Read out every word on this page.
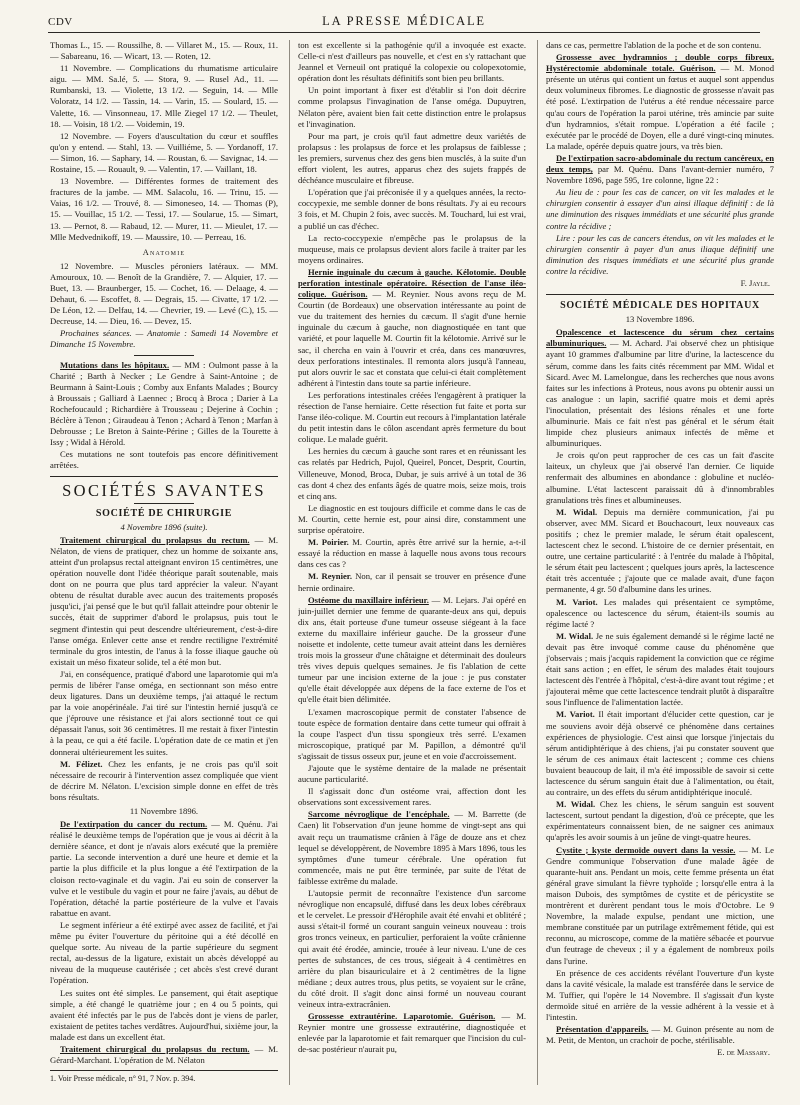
CDV	LA PRESSE MÉDICALE

Thomas L., 15. — Roussilhe, 8. — Villaret M., 15. — Roux, 11. — Sabareanu, 16. — Wicart, 13. — Roten, 12.

11 Novembre. — Complications du rhumatisme articulaire aigu. — MM. Sa.lé, 5. — Stora, 9. — Rusel Ad., 11. — Rumbanski, 13. — Violette, 13 1/2. — Seguin, 14. — Mlle Voloratz, 14 1/2. — Tassin, 14. — Varin, 15. — Soulard, 15. — Valette, 16. — Vinsonneau, 17. Mlle Ziegel 17 1/2. — Theulet, 18. — Voisin, 18 1/2. — Voidemin, 19.

12 Novembre. — Foyers d'auscultation du cœur et souffles qu'on y entend. — Stahl, 13. — Vuilliéme, 5. — Yordanoff, 17. — Simon, 16. — Saphary, 14. — Roustan, 6. — Savignac, 14. — Rostaine, 15. — Rouault, 9. — Valentin, 17. — Vaillant, 18.

13 Novembre. — Différentes formes de traitement des fractures de la jambe. — MM. Salacolu, 16. — Trinu, 15. — Vaias, 16 1/2. — Trouvé, 8. — Simoneseo, 14. — Thomas (P), 15. — Vouillac, 15 1/2. — Tessi, 17. — Soularue, 15. — Simart, 13. — Pernot, 8. — Rabaud, 12. — Murer, 11. — Mieulet, 17. — Mlle Medvednikoff, 19. — Maussire, 10. — Perreau, 16.

Anatomie

12 Novembre. — Muscles péroniers latéraux. — MM. Amouroux, 10. — Benoît de la Grandière, 7. — Alquier, 17. — Buet, 13. — Braunberger, 15. — Cochet, 16. — Delaage, 4. — Dehaut, 6. — Escoffet, 8. — Degrais, 15. — Civatte, 17 1/2. — De Léon, 12. — Delfau, 14. — Chevrier, 19. — Levé (C.), 15. — Decreuse, 14. — Dieu, 16. — Devez, 15.

Prochaines séances. — Anatomie : Samedi 14 Novembre et Dimanche 15 Novembre.

Mutations dans les hôpitaux. — MM : Oulmont passe à la Charité ; Barth à Necker ; Le Gendre à Saint-Antoine ; de Beurmann à Saint-Louis ; Comby aux Enfants Malades ; Bourcy à Broussais ; Galliard à Laennec ; Brocq à Broca ; Darier à La Rochefoucauld ; Richardière à Trousseau ; Dejerine à Cochin ; Béclère à Tenon ; Giraudeau à Tenon ; Achard à Tenon ; Marfan à Debrousse ; Le Breton à Sainte-Périne ; Gilles de la Tourette à Issy ; Widal à Hérold.

Ces mutations ne sont toutefois pas encore définitivement arrêtées.

SOCIÉTÉS SAVANTES
SOCIÉTÉ DE CHIRURGIE
4 Novembre 1896 (suite).

Traitement chirurgical du prolapsus du rectum. — M. Nélaton, de viens de pratiquer, chez un homme de soixante ans, atteint d'un prolapsus rectal atteignant environ 15 centimètres, une opération nouvelle dont l'idée théorique paraît soutenable, mais dont on ne pourra que plus tard apprécier la valeur. N'ayant obtenu de résultat durable avec aucun des traitements proposés jusqu'ici, j'ai pensé que le but qu'il fallait atteindre pour obtenir le succès, était de supprimer d'abord le prolapsus, puis tout le segment d'intestin qui peut descendre ultérieurement, c'est-à-dire l'anse oméga. Enlever cette anse et rendre rectiligne l'extrémité terminale du gros intestin, de l'anus à la fosse iliaque gauche où existait un méso fixateur solide, tel a été mon but.

J'ai, en conséquence, pratiqué d'abord une laparotomie qui m'a permis de libérer l'anse oméga, en sectionnant son méso entre deux ligatures. Dans un deuxième temps, j'ai attaqué le rectum par la voie anopérinéale. J'ai tiré sur l'intestin hernié jusqu'à ce que j'éprouve une résistance et j'ai alors sectionné tout ce qui dépassait l'anus, soit 36 centimètres. Il me restait à fixer l'intestin à la peau, ce qui a été facile. L'opération date de ce matin et j'en donnerai ultérieurement les suites.

M. Félizet. Chez les enfants, je ne crois pas qu'il soit nécessaire de recourir à l'intervention assez compliquée que vient de décrire M. Nélaton. L'excision simple donne en effet de très bons résultats.

11 Novembre 1896.

De l'extirpation du cancer du rectum. — M. Quénu. J'ai réalisé le deuxième temps de l'opération que je vous ai décrit à la dernière séance, et dont je n'avais alors exécuté que la première partie. La seconde intervention a duré une heure et demie et la partie la plus difficile et la plus longue a été l'extirpation de la cloison recto-vaginale et du vagin. J'ai eu soin de conserver la vulve et le vestibule du vagin et pour ne faire j'avais, au début de l'opération, détaché la partie postérieure de la vulve et l'avais rabattue en avant.

Le segment inférieur a été extirpé avec assez de facilité, et j'ai même pu éviter l'ouverture du péritoine qui a été décollé en quelque sorte. Au niveau de la partie supérieure du segment rectal, au-dessus de la ligature, existait un abcès développé au niveau de la muqueuse cautérisée ; cet abcès s'est crevé durant l'opération.

Les suites ont été simples. Le pansement, qui était aseptique simple, a été changé le quatrième jour ; en 4 ou 5 points, qui avaient été infectés par le pus de l'abcès dont je viens de parler, existaient de petites taches verdâtres. Aujourd'hui, sixième jour, la malade est dans un excellent état.

Traitement chirurgical du prolapsus du rectum. — M. Gérard-Marchant. L'opération de M. Nélaton

1. Voir Presse médicale, n° 91, 7 Nov. p. 394.

ton est excellente si la pathogénie qu'il a invoquée est exacte. Celle-ci n'est d'ailleurs pas nouvelle, et c'est en s'y rattachant que Jeannel et Verneuil ont pratiqué la colopexie ou colopexotomie, opération dont les résultats définitifs sont bien peu brillants.

Un point important à fixer est d'établir si l'on doit décrire comme prolapsus l'invagination de l'anse oméga. Dupuytren, Nélaton père, avaient bien fait cette distinction entre le prolapsus et l'invagination.

Pour ma part, je crois qu'il faut admettre deux variétés de prolapsus : les prolapsus de force et les prolapsus de faiblesse ; les premiers, survenus chez des gens bien musclés, à la suite d'un effort violent, les autres, apparus chez des sujets frappés de déchéance musculaire et fibreuse.

L'opération que j'ai préconisée il y a quelques années, la recto-coccypexie, me semble donner de bons résultats. J'y ai eu recours 3 fois, et M. Chupin 2 fois, avec succès. M. Touchard, lui est vrai, a publié un cas d'échec.

La recto-coccypexie n'empêche pas le prolapsus de la muqueuse, mais ce prolapsus devient alors facile à traiter par les moyens ordinaires.

Hernie inguinale du cæcum à gauche. Kélotomie. Double perforation intestinale opératoire. Résection de l'anse iléo-colique. Guérison. — M. Reynier. Nous avons reçu de M. Courtin (de Bordeaux) une observation intéressante au point de vue du traitement des hernies du cæcum. Il s'agit d'une hernie inguinale du cæcum à gauche, non diagnostiquée en tant que variété, et pour laquelle M. Courtin fit la kélotomie. Arrivé sur le sac, il chercha en vain à l'ouvrir et créa, dans ces manœuvres, deux perforations intestinales. Il remonta alors jusqu'à l'anneau, put alors ouvrir le sac et constata que celui-ci était complètement adhérent à l'intestin dans toute sa partie inférieure.

Les perforations intestinales créées l'engagèrent à pratiquer la résection de l'anse herniaire. Cette résection fut faite et porta sur l'anse iléo-colique. M. Courtin eut recours à l'implantation latérale du petit intestin dans le côlon ascendant après fermeture du bout colique. Le malade guérit.

Les hernies du cæcum à gauche sont rares et en réunissant les cas relatés par Hedrich, Pujol, Queirel, Poncet, Desprit, Courtin, Villeneuve, Monod, Broca, Dubar, je suis arrivé à un total de 36 cas dont 4 chez des enfants âgés de quatre mois, seize mois, trois et cinq ans.

Le diagnostic en est toujours difficile et comme dans le cas de M. Courtin, cette hernie est, pour ainsi dire, constamment une surprise opératoire.

M. Poirier. M. Courtin, après être arrivé sur la hernie, a-t-il essayé la réduction en masse à laquelle nous avons tous recours dans ces cas ?

M. Reynier. Non, car il pensait se trouver en présence d'une hernie ordinaire.

Ostéome du maxillaire inférieur. — M. Lejars. J'ai opéré en juin-juillet dernier une femme de quarante-deux ans qui, depuis dix ans, était porteuse d'une tumeur osseuse siégeant à la face externe du maxillaire inférieur gauche. De la grosseur d'une noisette et indolente, cette tumeur avait atteint dans les dernières trois mois la grosseur d'une châtaigne et déterminait des douleurs très vives depuis quelques semaines. Je fis l'ablation de cette tumeur par une incision externe de la joue : je pus constater qu'elle était développée aux dépens de la face externe de l'os et qu'elle était bien délimitée.

L'examen macroscopique permit de constater l'absence de toute espèce de formation dentaire dans cette tumeur qui offrait à la coupe l'aspect d'un tissu spongieux très serré. L'examen microscopique, pratiqué par M. Papillon, a démontré qu'il s'agissait de tissus osseux pur, jeune et en voie d'accroissement.

J'ajoute que le système dentaire de la malade ne présentait aucune particularité.

Il s'agissait donc d'un ostéome vrai, affection dont les observations sont excessivement rares.

Sarcome névroglique de l'encéphale. — M. Barrette (de Caen) lit l'observation d'un jeune homme de vingt-sept ans qui avait reçu un traumatisme crânien à l'âge de douze ans et chez lequel se développèrent, de Novembre 1895 à Mars 1896, tous les symptômes d'une tumeur cérébrale. Une opération fut commencée, mais ne put être terminée, par suite de l'état de faiblesse extrême du malade.

L'autopsie permit de reconnaître l'existence d'un sarcome névroglique non encapsulé, diffusé dans les deux lobes cérébraux et le cervelet. Le pressoir d'Hérophile avait été envahi et oblitéré ; aussi s'était-il formé un courant sanguin veineux nouveau : trois gros troncs veineux, en particulier, perforaient la voûte crânienne qui avait été érodée, amincie, trouée à leur niveau. L'une de ces pertes de substances, de ces trous, siégeait à 4 centimètres en arrière du plan bisauriculaire et à 2 centimètres de la ligne médiane ; deux autres trous, plus petits, se voyaient sur le crâne, du côté droit. Il s'agit donc ainsi formé un nouveau courant veineux intra-extracrânien.

Grossesse extrautérine. Laparotomie. Guérison. — M. Reynier montre une grossesse extrautérine, diagnostiquée et enlevée par la laparotomie et fait remarquer que l'incision du cul-de-sac postérieur n'aurait pu,

dans ce cas, permettre l'ablation de la poche et de son contenu.

Grossesse avec hydramnios ; double corps fibreux. Hystérectomie abdominale totale. Guérison. — M. Monod présente un utérus qui contient un fœtus et auquel sont appendus deux volumineux fibromes. Le diagnostic de grossesse n'avait pas été posé. L'extirpation de l'utérus a été rendue nécessaire parce qu'au cours de l'opération la paroi utérine, très amincie par suite d'un hydramnios, s'était rompue. L'opération a été facile ; exécutée par le procédé de Doyen, elle a duré vingt-cinq minutes. La malade, opérée depuis quatre jours, va très bien.

De l'extirpation sacro-abdominale du rectum cancéreux, en deux temps, par M. Quénu. Dans l'avant-dernier numéro, 7 Novembre 1896, page 595, 1re colonne, ligne 22 :

Au lieu de : pour les cas de cancer, on vit les malades et le chirurgien consentir à essayer d'un ainsi illaque définitif : de là une diminution des risques immédiats et une sécurité plus grande contre la récidive ;

Lire : pour les cas de cancers étendus, on vit les malades et le chirurgien consentir à payer d'un anus iliaque définitif une diminution des risques immédiats et une sécurité plus grande contre la récidive.

F. Jayle.
SOCIÉTÉ MÉDICALE DES HOPITAUX
13 Novembre 1896.

Opalescence et lactescence du sérum chez certains albuminuriques. — M. Achard. J'ai observé chez un phtisique ayant 10 grammes d'albumine par litre d'urine, la lactescence du sérum, comme dans les faits cités récemment par MM. Widal et Sicard. Avec M. Lamelongue, dans les recherches que nous avons faites sur les infections à Proteus, nous avons pu obtenir aussi un cas analogue : un lapin, sacrifié quatre mois et demi après l'inoculation, présentait des lésions rénales et une forte albuminurie. Mais ce fait n'est pas général et le sérum était limpide chez plusieurs animaux infectés de même et albuminuriques.

Je crois qu'on peut rapprocher de ces cas un fait d'ascite laiteux, un chyleux que j'ai observé l'an dernier. Ce liquide renfermait des albumines en abondance : globuline et nucléo-albumine. L'état lactescent paraissait dû à d'innombrables granulations très fines et albumineuses.

M. Widal. Depuis ma dernière communication, j'ai pu observer, avec MM. Sicard et Bouchacourt, leux nouveaux cas positifs ; chez le premier malade, le sérum était opalescent, lactescent chez le second. L'histoire de ce dernier présentait, en outre, une certaine particularité : à l'entrée du malade à l'hôpital, le sérum était peu lactescent ; quelques jours après, la lactescence était très accentuée ; j'ajoute que ce malade avait, d'une façon permanente, 4 gr. 50 d'albumine dans les urines.

M. Variot. Les malades qui présentaient ce symptôme, opalescence ou lactescence du sérum, étaient-ils soumis au régime lacté ?

M. Widal. Je ne suis également demandé si le régime lacté ne devait pas être invoqué comme cause du phénomène que j'observais ; mais j'acquis rapidement la conviction que ce régime était sans action ; en effet, le sérum des malades était toujours lactescent dès l'entrée à l'hôpital, c'est-à-dire avant tout régime ; et j'ajouterai même que cette lactescence tendrait plutôt à disparaître sous l'influence de l'alimentation lactée.

M. Variot. Il était important d'élucider cette question, car je me souviens avoir déjà observé ce phénomène dans certaines expériences de physiologie. C'est ainsi que lorsque j'injectais du sérum antidiphtérique à des chiens, j'ai pu constater souvent que le sérum de ces animaux était lactescent ; comme ces chiens buvaient beaucoup de lait, il m'a été impossible de savoir si cette lactescence du sérum sanguin était due à l'alimentation, ou était, au contraire, un des effets du sérum antidiphtérique inoculé.

M. Widal. Chez les chiens, le sérum sanguin est souvent lactescent, surtout pendant la digestion, d'où ce précepte, que les expérimentateurs connaissent bien, de ne saigner ces animaux qu'après les avoir soumis à un jeûne de vingt-quatre heures.

Cystite ; kyste dermoïde ouvert dans la vessie. — M. Le Gendre communique l'observation d'une malade âgée de quarante-huit ans. Pendant un mois, cette femme présenta un état général grave simulant la fièvre typhoïde ; lorsqu'elle entra à la maison Dubois, des symptômes de cystite et de péricystite se montrèrent et durèrent pendant tous le mois d'Octobre. Le 9 Novembre, la malade expulse, pendant une miction, une membrane constituée par un putrilage extrêmement fétide, qui est reconnu, au microscope, comme de la matière sébacée et pourvue d'un feutrage de cheveux ; il y a également de nombreux poils dans l'urine.

En présence de ces accidents révélant l'ouverture d'un kyste dans la cavité vésicale, la malade est transférée dans le service de M. Tuffier, qui l'opère le 14 Novembre. Il s'agissait d'un kyste dermoïde situé en arrière de la vessie adhérent à la vessie et à l'intestin.

Présentation d'appareils. — M. Guinon présente au nom de M. Petit, de Menton, un crachoir de poche, stérilisable.

E. de Massary.
